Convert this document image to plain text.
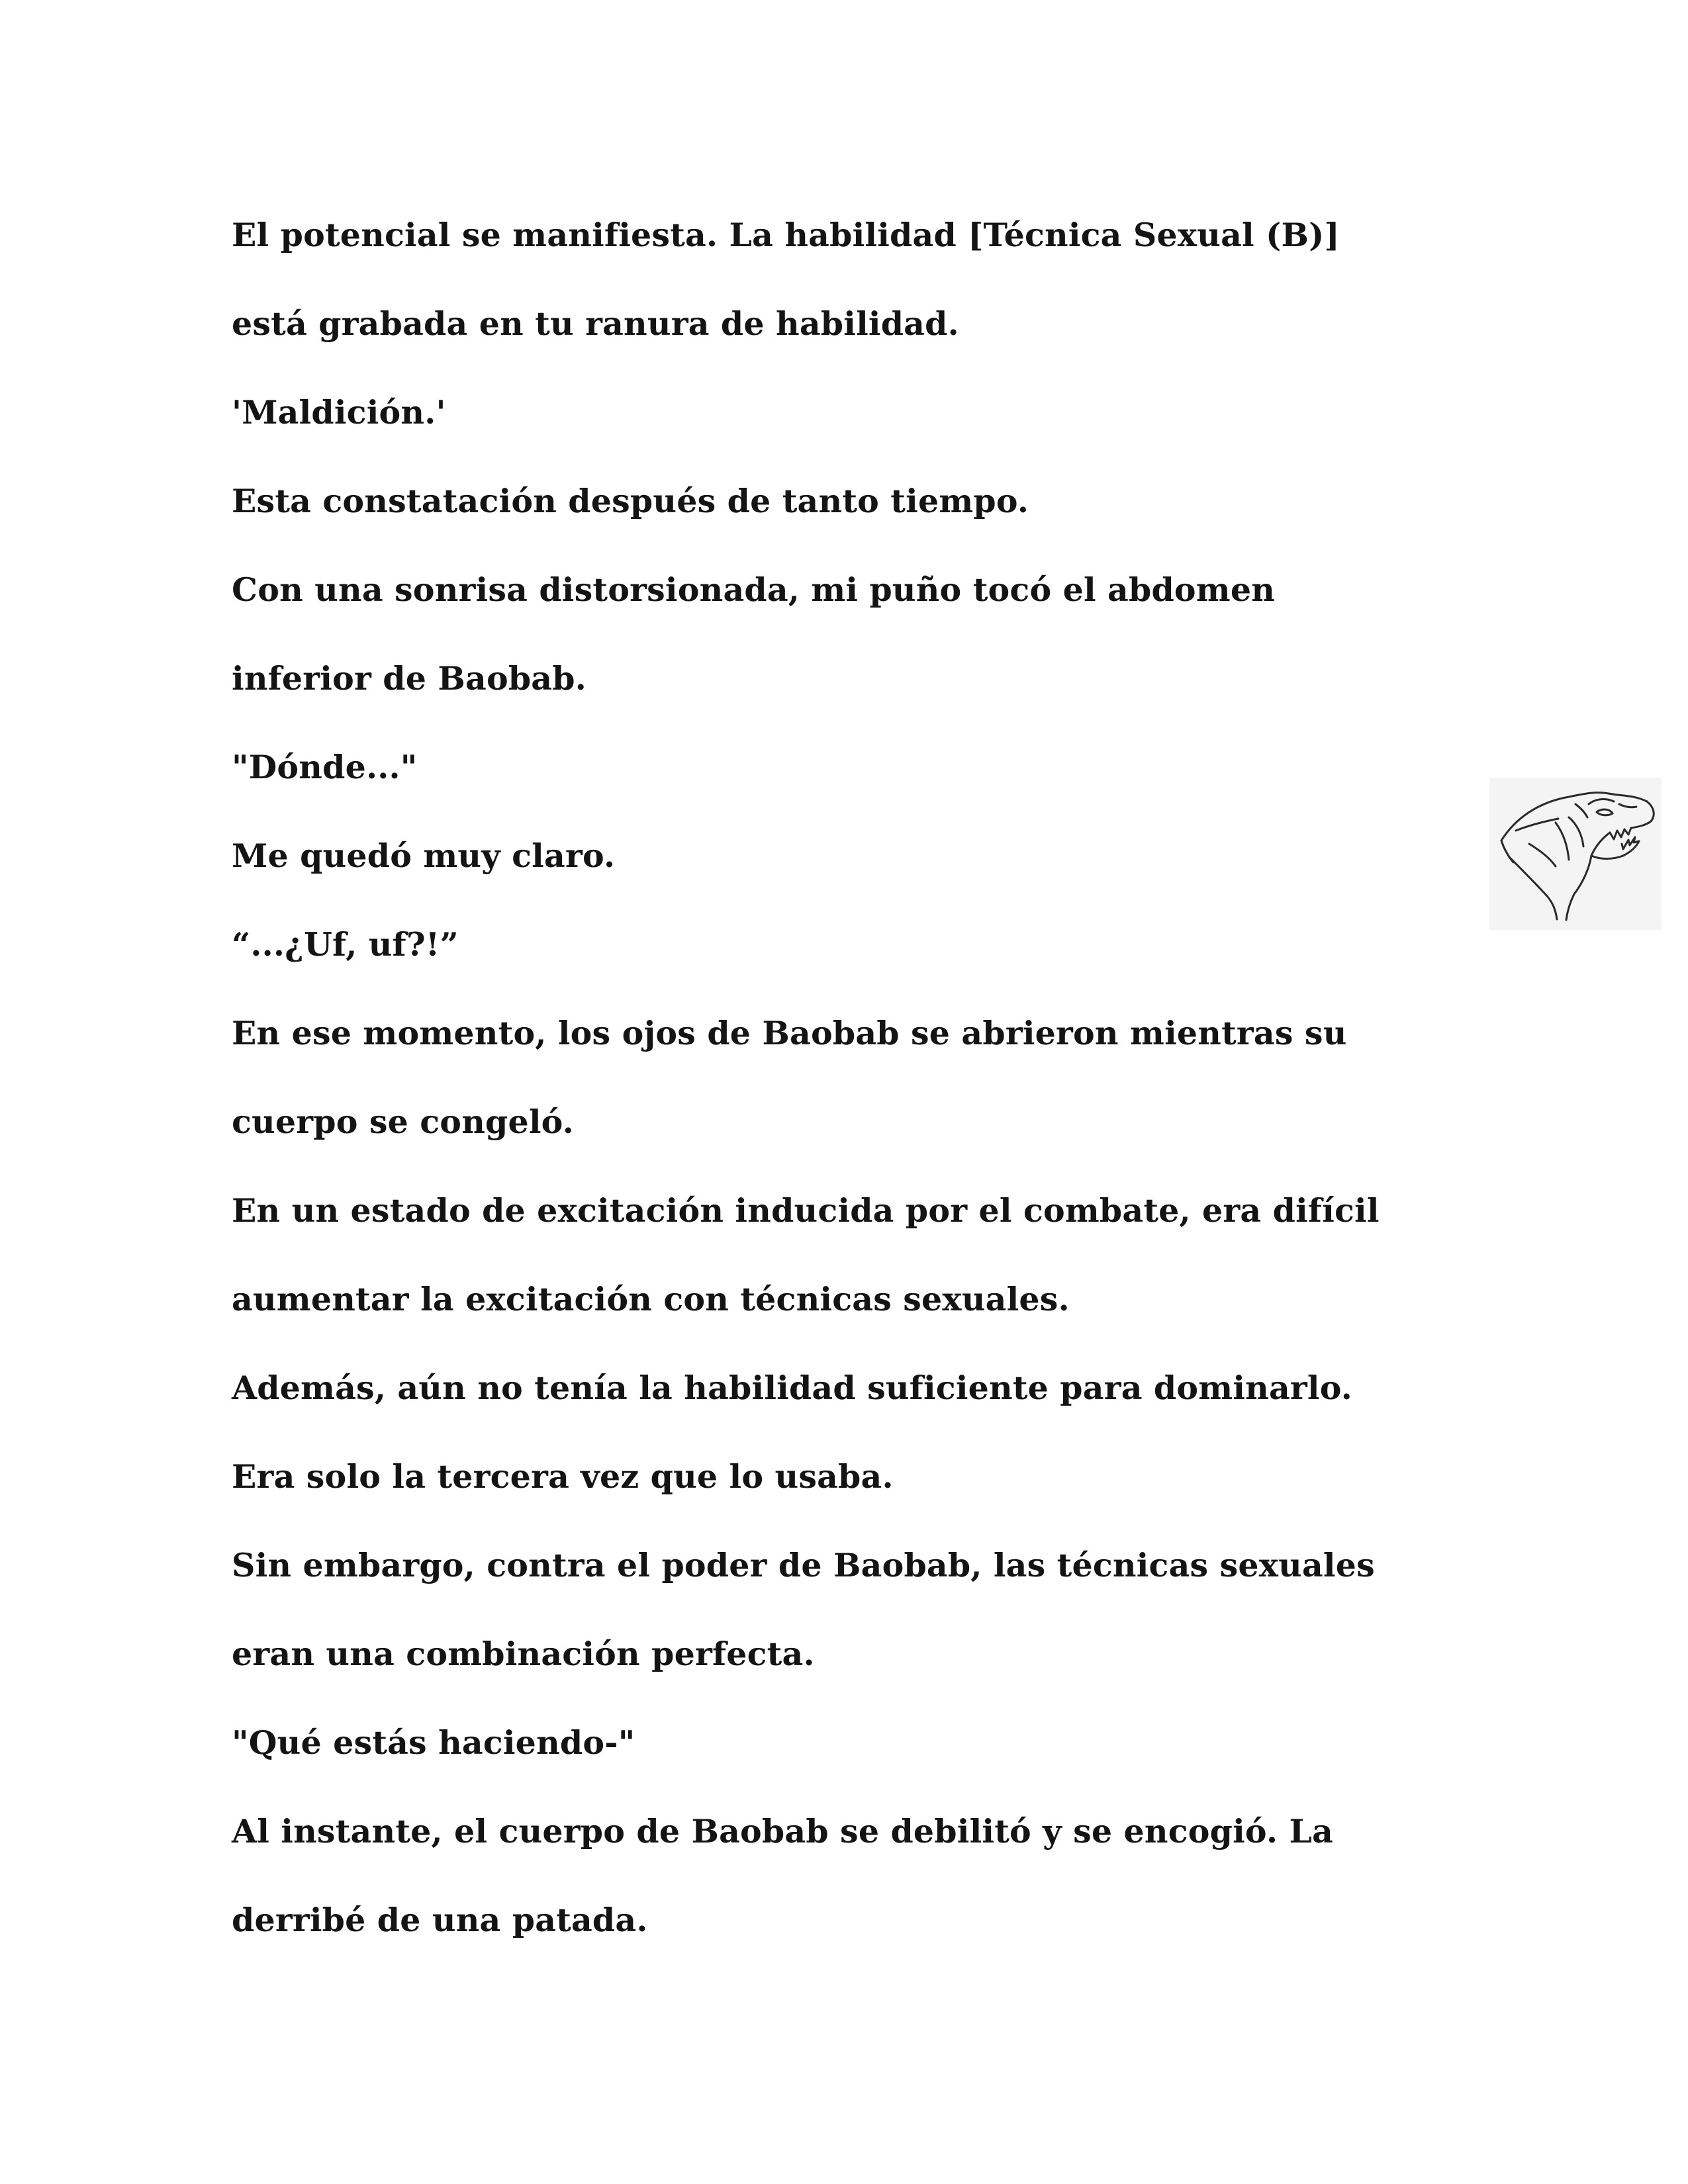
El potencial se manifiesta. La habilidad [Técnica Sexual (B)]
está grabada en tu ranura de habilidad.
'Maldición.'
Esta constatación después de tanto tiempo.
Con una sonrisa distorsionada, mi puño tocó el abdomen
inferior de Baobab.
"Dónde..."
Me quedó muy claro.
“...¿Uf, uf?!”
En ese momento, los ojos de Baobab se abrieron mientras su
cuerpo se congeló.
En un estado de excitación inducida por el combate, era difícil
aumentar la excitación con técnicas sexuales.
Además, aún no tenía la habilidad suficiente para dominarlo.
Era solo la tercera vez que lo usaba.
Sin embargo, contra el poder de Baobab, las técnicas sexuales
eran una combinación perfecta.
"Qué estás haciendo-"
Al instante, el cuerpo de Baobab se debilitó y se encogió. La
derribé de una patada.
